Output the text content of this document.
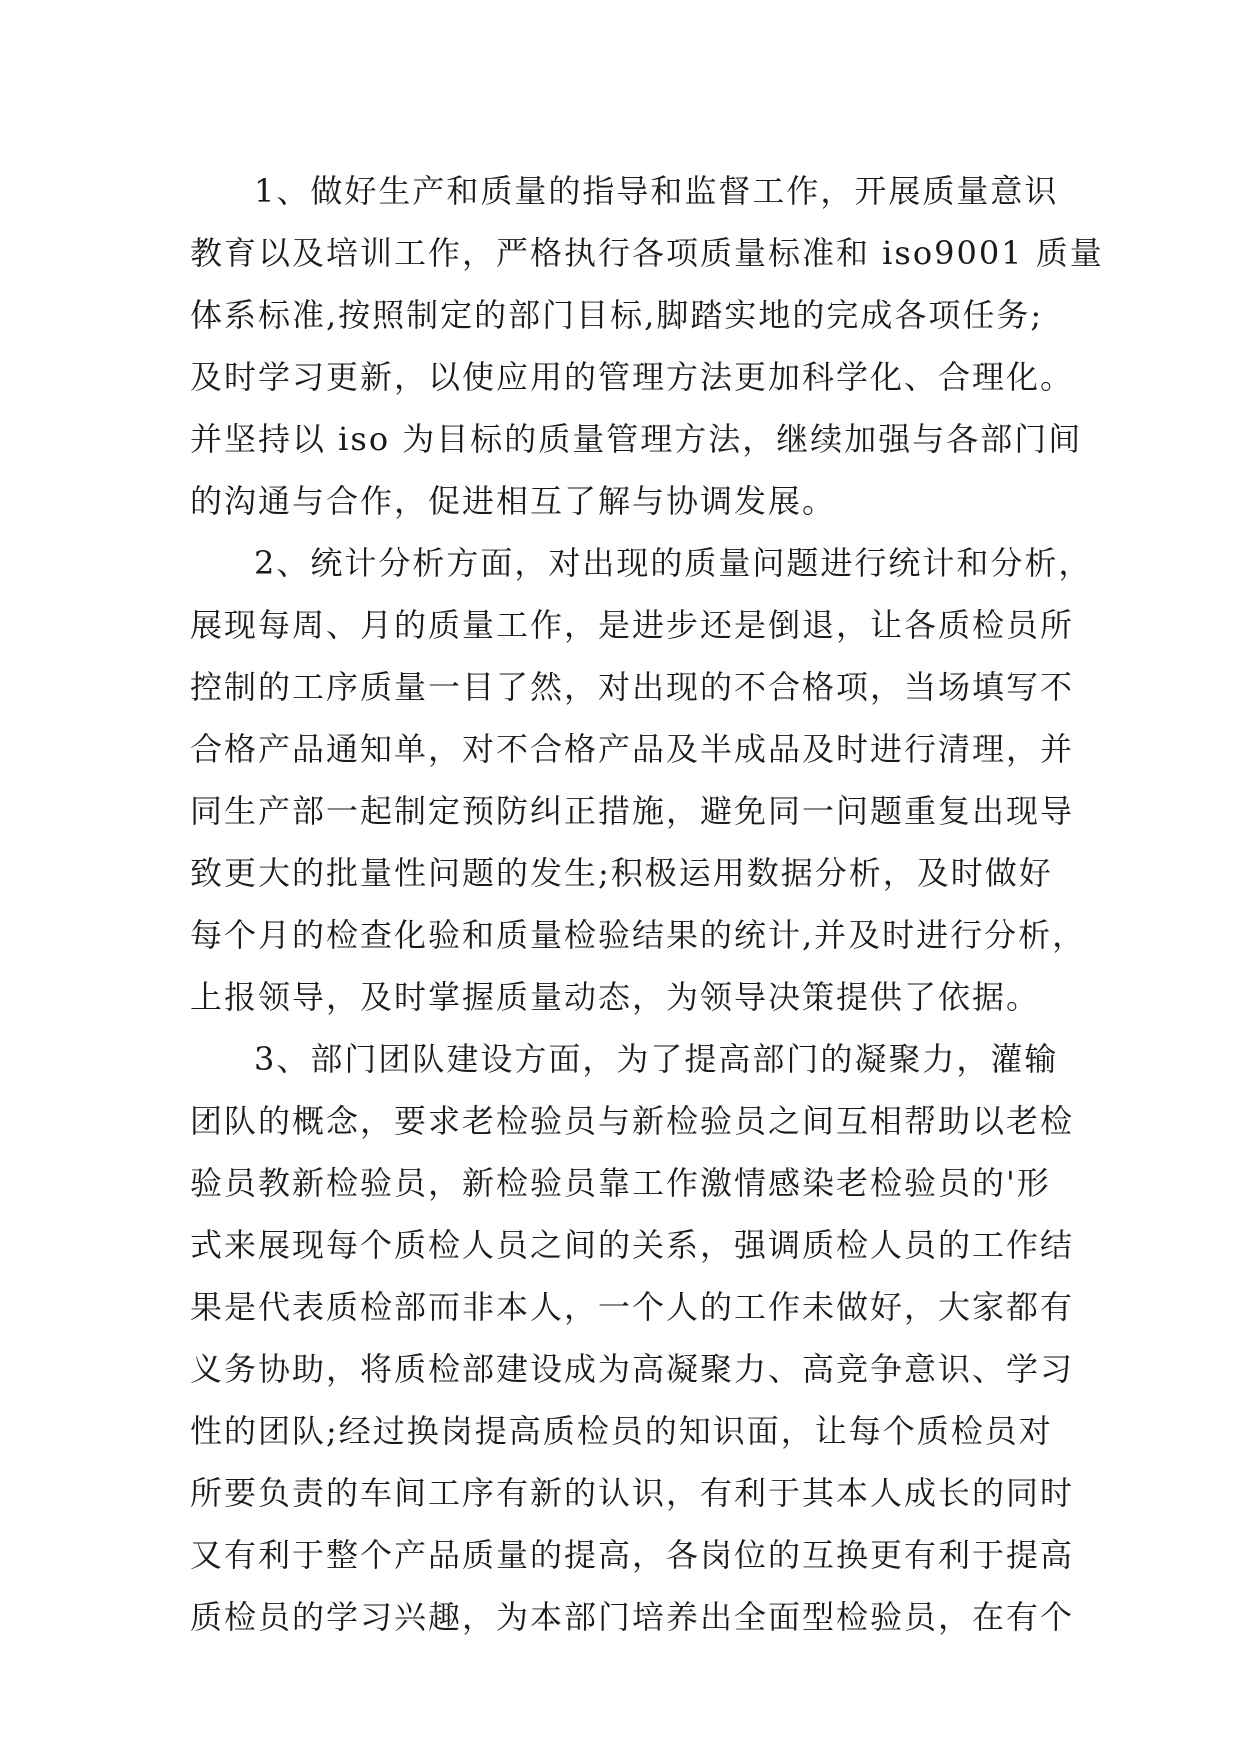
1、做好生产和质量的指导和监督工作，开展质量意识
教育以及培训工作，严格执行各项质量标准和 iso9001 质量
体系标准,按照制定的部门目标,脚踏实地的完成各项任务;
及时学习更新，以使应用的管理方法更加科学化、合理化。
并坚持以 iso 为目标的质量管理方法，继续加强与各部门间
的沟通与合作，促进相互了解与协调发展。
2、统计分析方面，对出现的质量问题进行统计和分析，
展现每周、月的质量工作，是进步还是倒退，让各质检员所
控制的工序质量一目了然，对出现的不合格项，当场填写不
合格产品通知单，对不合格产品及半成品及时进行清理，并
同生产部一起制定预防纠正措施，避免同一问题重复出现导
致更大的批量性问题的发生;积极运用数据分析，及时做好
每个月的检查化验和质量检验结果的统计,并及时进行分析，
上报领导，及时掌握质量动态，为领导决策提供了依据。
3、部门团队建设方面，为了提高部门的凝聚力，灌输
团队的概念，要求老检验员与新检验员之间互相帮助以老检
验员教新检验员，新检验员靠工作激情感染老检验员的'形
式来展现每个质检人员之间的关系，强调质检人员的工作结
果是代表质检部而非本人，一个人的工作未做好，大家都有
义务协助，将质检部建设成为高凝聚力、高竞争意识、学习
性的团队;经过换岗提高质检员的知识面，让每个质检员对
所要负责的车间工序有新的认识，有利于其本人成长的同时
又有利于整个产品质量的提高，各岗位的互换更有利于提高
质检员的学习兴趣，为本部门培养出全面型检验员，在有个
